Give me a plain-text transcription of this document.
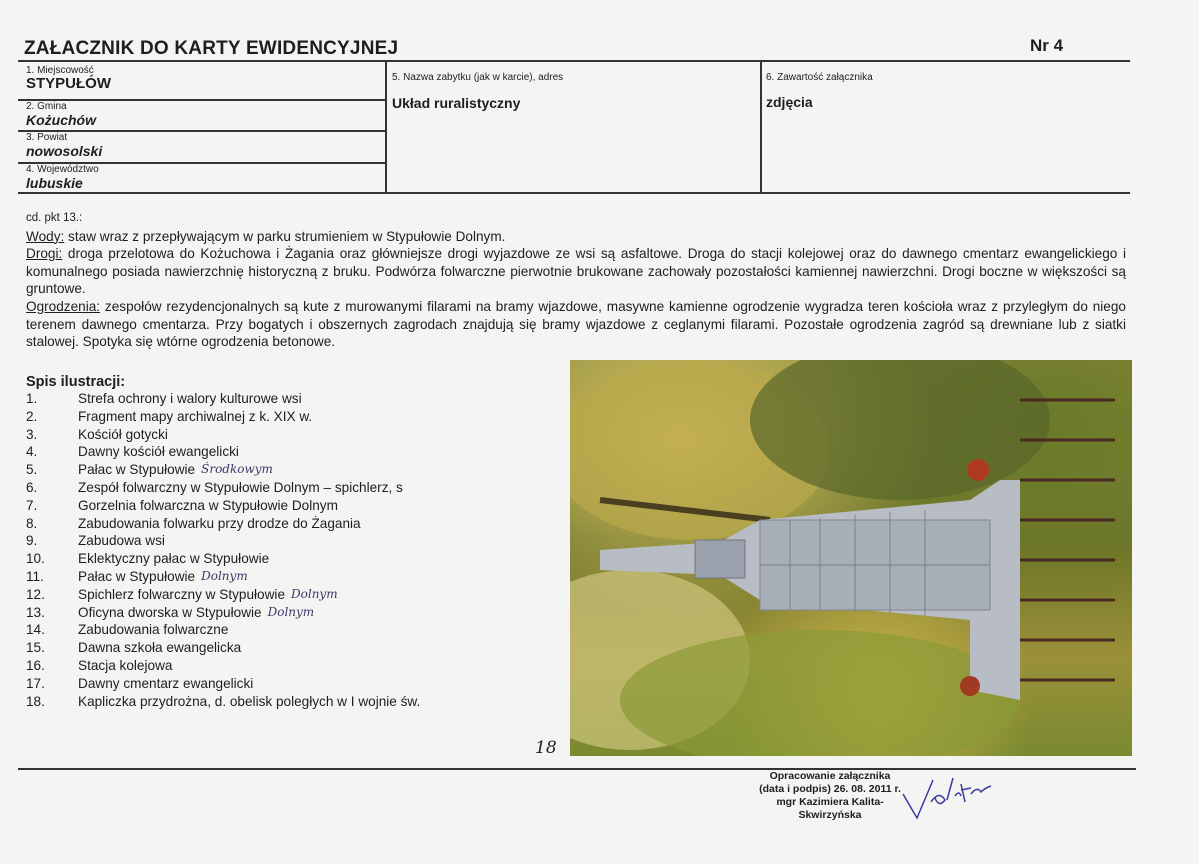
ZAŁACZNIK DO KARTY EWIDENCYJNEJ	Nr 4
1. Miejscowość
STYPUŁÓW
2. Gmina
Kożuchów
3. Powiat
nowosolski
4. Województwo
lubuskie
5. Nazwa zabytku (jak w karcie), adres
Układ ruralistyczny
6. Zawartość załącznika
zdjęcia

cd. pkt 13.:

Wody: staw wraz z przepływającym w parku strumieniem w Stypułowie Dolnym.

Drogi: droga przelotowa do Kożuchowa i Żagania oraz główniejsze drogi wyjazdowe ze wsi są asfaltowe. Droga do stacji kolejowej oraz do dawnego cmentarz ewangelickiego i komunalnego posiada nawierzchnię historyczną z bruku. Podwórza folwarczne pierwotnie brukowane zachowały pozostałości kamiennej nawierzchni. Drogi boczne w większości są gruntowe.

Ogrodzenia: zespołów rezydencjonalnych są kute z murowanymi filarami na bramy wjazdowe, masywne kamienne ogrodzenie wygradza teren kościoła wraz z przyległym do niego terenem dawnego cmentarza. Przy bogatych i obszernych zagrodach znajdują się bramy wjazdowe z ceglanymi filarami. Pozostałe ogrodzenia zagród są drewniane lub z siatki stalowej. Spotyka się wtórne ogrodzenia betonowe.

Spis ilustracji:
1.	Strefa ochrony i walory kulturowe wsi
2.	Fragment mapy archiwalnej z k. XIX w.
3.	Kościół gotycki
4.	Dawny kościół ewangelicki
5.	Pałac w Stypułowie Środkowym
6.	Zespół folwarczny w Stypułowie Dolnym – spichlerz, s
7.	Gorzelnia folwarczna w Stypułowie Dolnym
8.	Zabudowania folwarku przy drodze do Żagania
9.	Zabudowa wsi
10.	Eklektyczny pałac w Stypułowie
11.	Pałac w Stypułowie Dolnym
12.	Spichlerz folwarczny w Stypułowie Dolnym
13.	Oficyna dworska w Stypułowie Dolnym
14.	Zabudowania folwarczne
15.	Dawna szkoła ewangelicka
16.	Stacja kolejowa
17.	Dawny cmentarz ewangelicki
18.	Kapliczka przydrożna, d. obelisk poległych w I wojnie św.
18
Opracowanie załącznika
(data i podpis) 26. 08. 2011 r.
mgr Kazimiera Kalita-
Skwirzyńska
